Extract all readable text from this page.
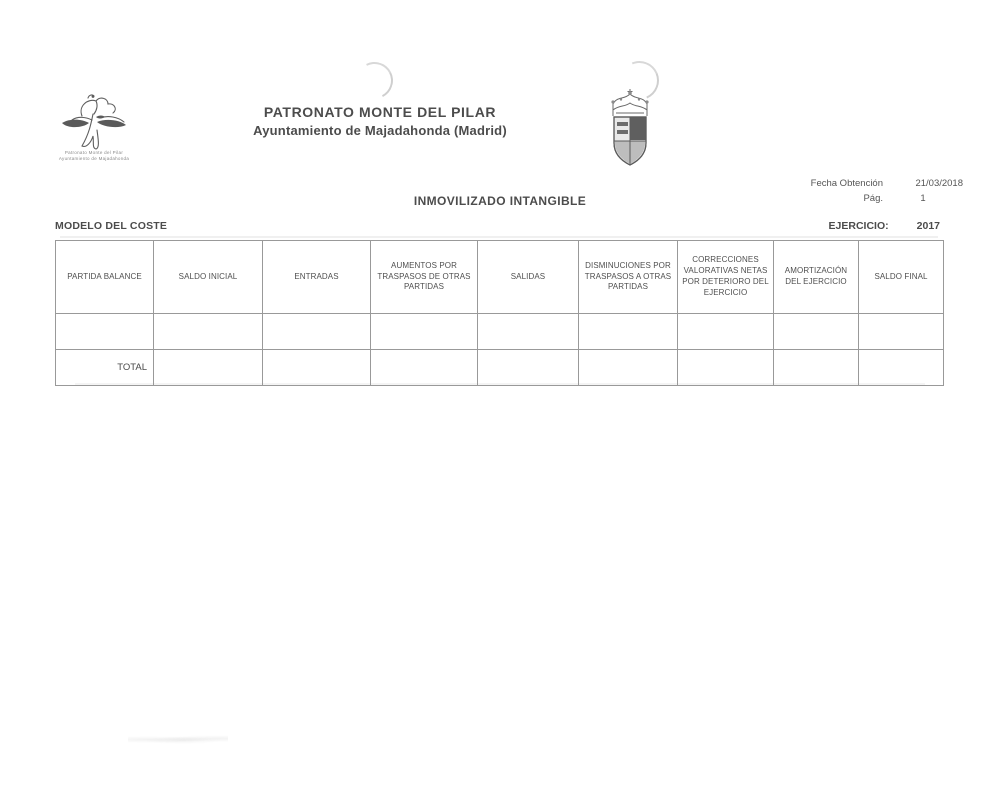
Patronato Monte del Pilar
Ayuntamiento de Majadahonda
PATRONATO MONTE DEL PILAR
Ayuntamiento de Majadahonda (Madrid)
Fecha Obtención	21/03/2018
Pág.	1
INMOVILIZADO INTANGIBLE
MODELO DEL COSTE	EJERCICIO:	2017
PARTIDA BALANCE	SALDO INICIAL	ENTRADAS	AUMENTOS POR TRASPASOS DE OTRAS PARTIDAS	SALIDAS	DISMINUCIONES POR TRASPASOS A OTRAS PARTIDAS	CORRECCIONES VALORATIVAS NETAS POR DETERIORO DEL EJERCICIO	AMORTIZACIÓN DEL EJERCICIO	SALDO FINAL

TOTAL								
